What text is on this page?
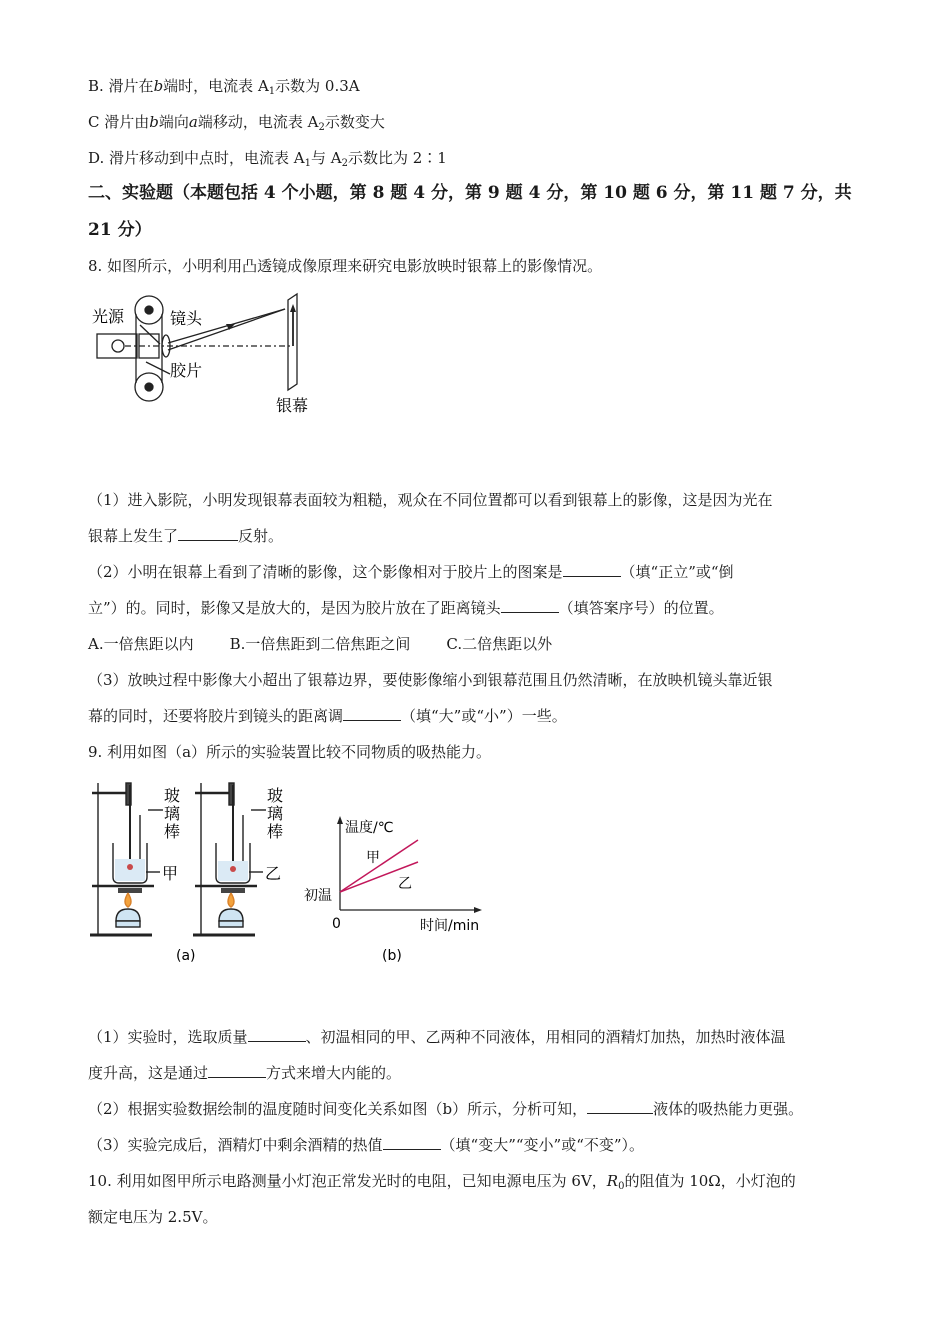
B. 滑片在b端时，电流表 $A_1$示数为 0.3A
C 滑片由b端向a端移动，电流表 $A_2$示数变大
D. 滑片移动到中点时，电流表 $A_1$与 $A_2$示数比为 2∶1
二、实验题（本题包括 4 个小题，第 8 题 4 分，第 9 题 4 分，第 10 题 6 分，第 11 题 7 分，共
21 分）
8. 如图所示，小明利用凸透镜成像原理来研究电影放映时银幕上的影像情况。
光源	镜头
胶片
银幕
（1）进入影院，小明发现银幕表面较为粗糙，观众在不同位置都可以看到银幕上的影像，这是因为光在
银幕上发生了	反射。
（2）小明在银幕上看到了清晰的影像，这个影像相对于胶片上的图案是	（填“正立”或“倒
立”）的。同时，影像又是放大的，是因为胶片放在了距离镜头	（填答案序号）的位置。
A.一倍焦距以内 B.一倍焦距到二倍焦距之间 C.二倍焦距以外
（3）放映过程中影像大小超出了银幕边界，要使影像缩小到银幕范围且仍然清晰，在放映机镜头靠近银
幕的同时，还要将胶片到镜头的距离调	（填“大”或“小”）一些。
9. 利用如图（a）所示的实验装置比较不同物质的吸热能力。
玻
璃
棒
甲
玻
璃
棒
乙
(a)
温度/℃
时间/min
0
初温
甲
乙
(b)
（1）实验时，选取质量	、初温相同的甲、乙两种不同液体，用相同的酒精灯加热，加热时液体温
度升高，这是通过	方式来增大内能的。
（2）根据实验数据绘制的温度随时间变化关系如图（b）所示，分析可知，	液体的吸热能力更强。
（3）实验完成后，酒精灯中剩余酒精的热值	（填“变大”“变小”或“不变”）。
10. 利用如图甲所示电路测量小灯泡正常发光时的电阻，已知电源电压为 6V，$R_0$的阻值为 10Ω，小灯泡的
额定电压为 2.5V。
